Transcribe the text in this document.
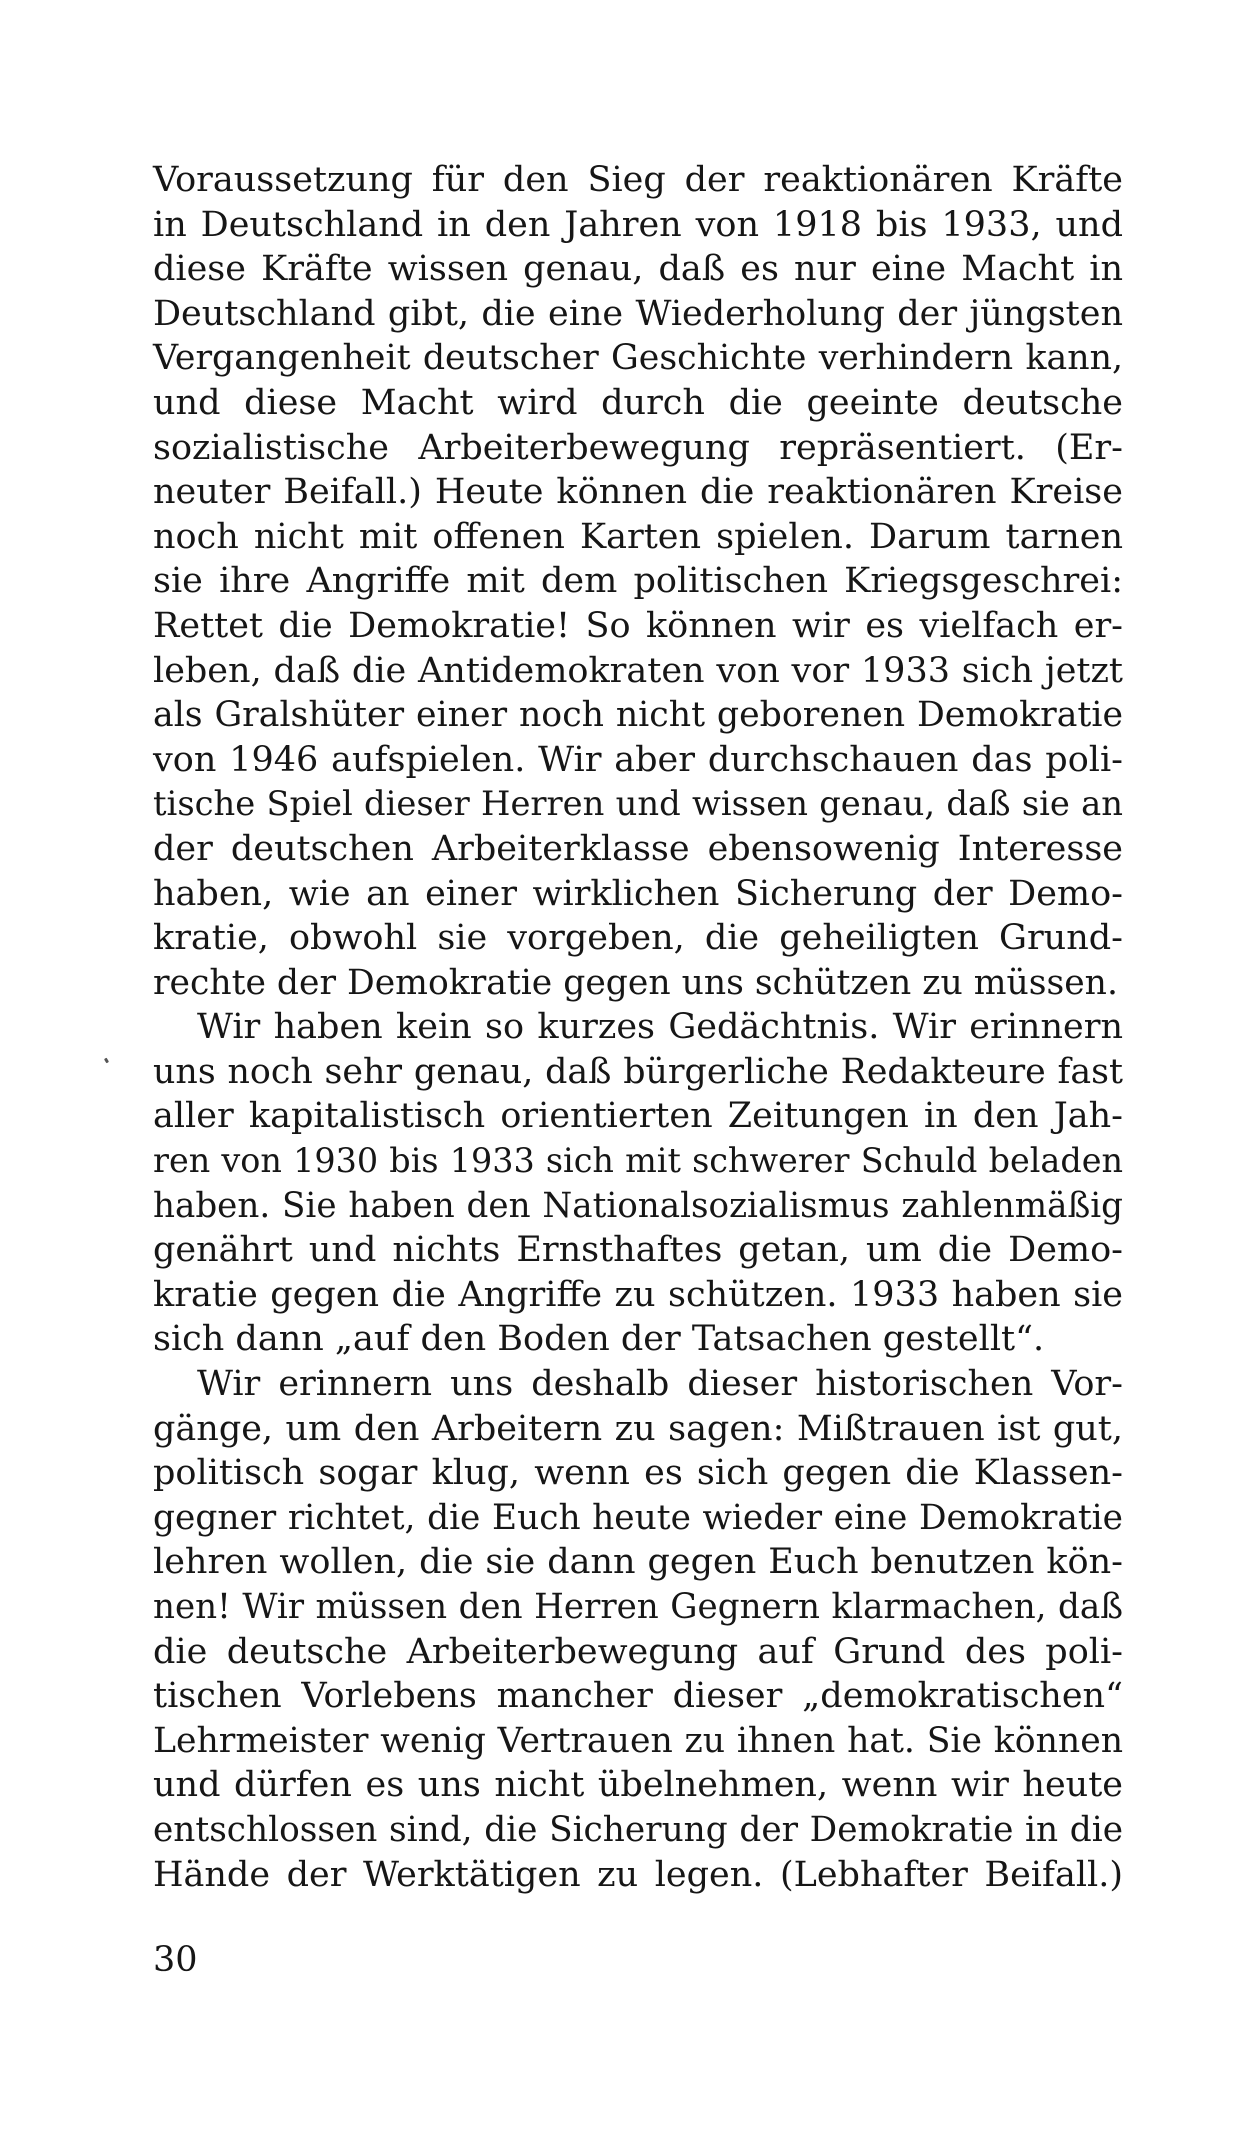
Voraussetzung für den Sieg der reaktionären Kräfte
in Deutschland in den Jahren von 1918 bis 1933, und
diese Kräfte wissen genau, daß es nur eine Macht in
Deutschland gibt, die eine Wiederholung der jüngsten
Vergangenheit deutscher Geschichte verhindern kann,
und diese Macht wird durch die geeinte deutsche
sozialistische Arbeiterbewegung repräsentiert. (Er-
neuter Beifall.) Heute können die reaktionären Kreise
noch nicht mit offenen Karten spielen. Darum tarnen
sie ihre Angriffe mit dem politischen Kriegsgeschrei:
Rettet die Demokratie! So können wir es vielfach er-
leben, daß die Antidemokraten von vor 1933 sich jetzt
als Gralshüter einer noch nicht geborenen Demokratie
von 1946 aufspielen. Wir aber durchschauen das poli-
tische Spiel dieser Herren und wissen genau, daß sie an
der deutschen Arbeiterklasse ebensowenig Interesse
haben, wie an einer wirklichen Sicherung der Demo-
kratie, obwohl sie vorgeben, die geheiligten Grund-
rechte der Demokratie gegen uns schützen zu müssen.
Wir haben kein so kurzes Gedächtnis. Wir erinnern
uns noch sehr genau, daß bürgerliche Redakteure fast
aller kapitalistisch orientierten Zeitungen in den Jah-
ren von 1930 bis 1933 sich mit schwerer Schuld beladen
haben. Sie haben den Nationalsozialismus zahlenmäßig
genährt und nichts Ernsthaftes getan, um die Demo-
kratie gegen die Angriffe zu schützen. 1933 haben sie
sich dann „auf den Boden der Tatsachen gestellt“.
Wir erinnern uns deshalb dieser historischen Vor-
gänge, um den Arbeitern zu sagen: Mißtrauen ist gut,
politisch sogar klug, wenn es sich gegen die Klassen-
gegner richtet, die Euch heute wieder eine Demokratie
lehren wollen, die sie dann gegen Euch benutzen kön-
nen! Wir müssen den Herren Gegnern klarmachen, daß
die deutsche Arbeiterbewegung auf Grund des poli-
tischen Vorlebens mancher dieser „demokratischen“
Lehrmeister wenig Vertrauen zu ihnen hat. Sie können
und dürfen es uns nicht übelnehmen, wenn wir heute
entschlossen sind, die Sicherung der Demokratie in die
Hände der Werktätigen zu legen. (Lebhafter Beifall.)
30
